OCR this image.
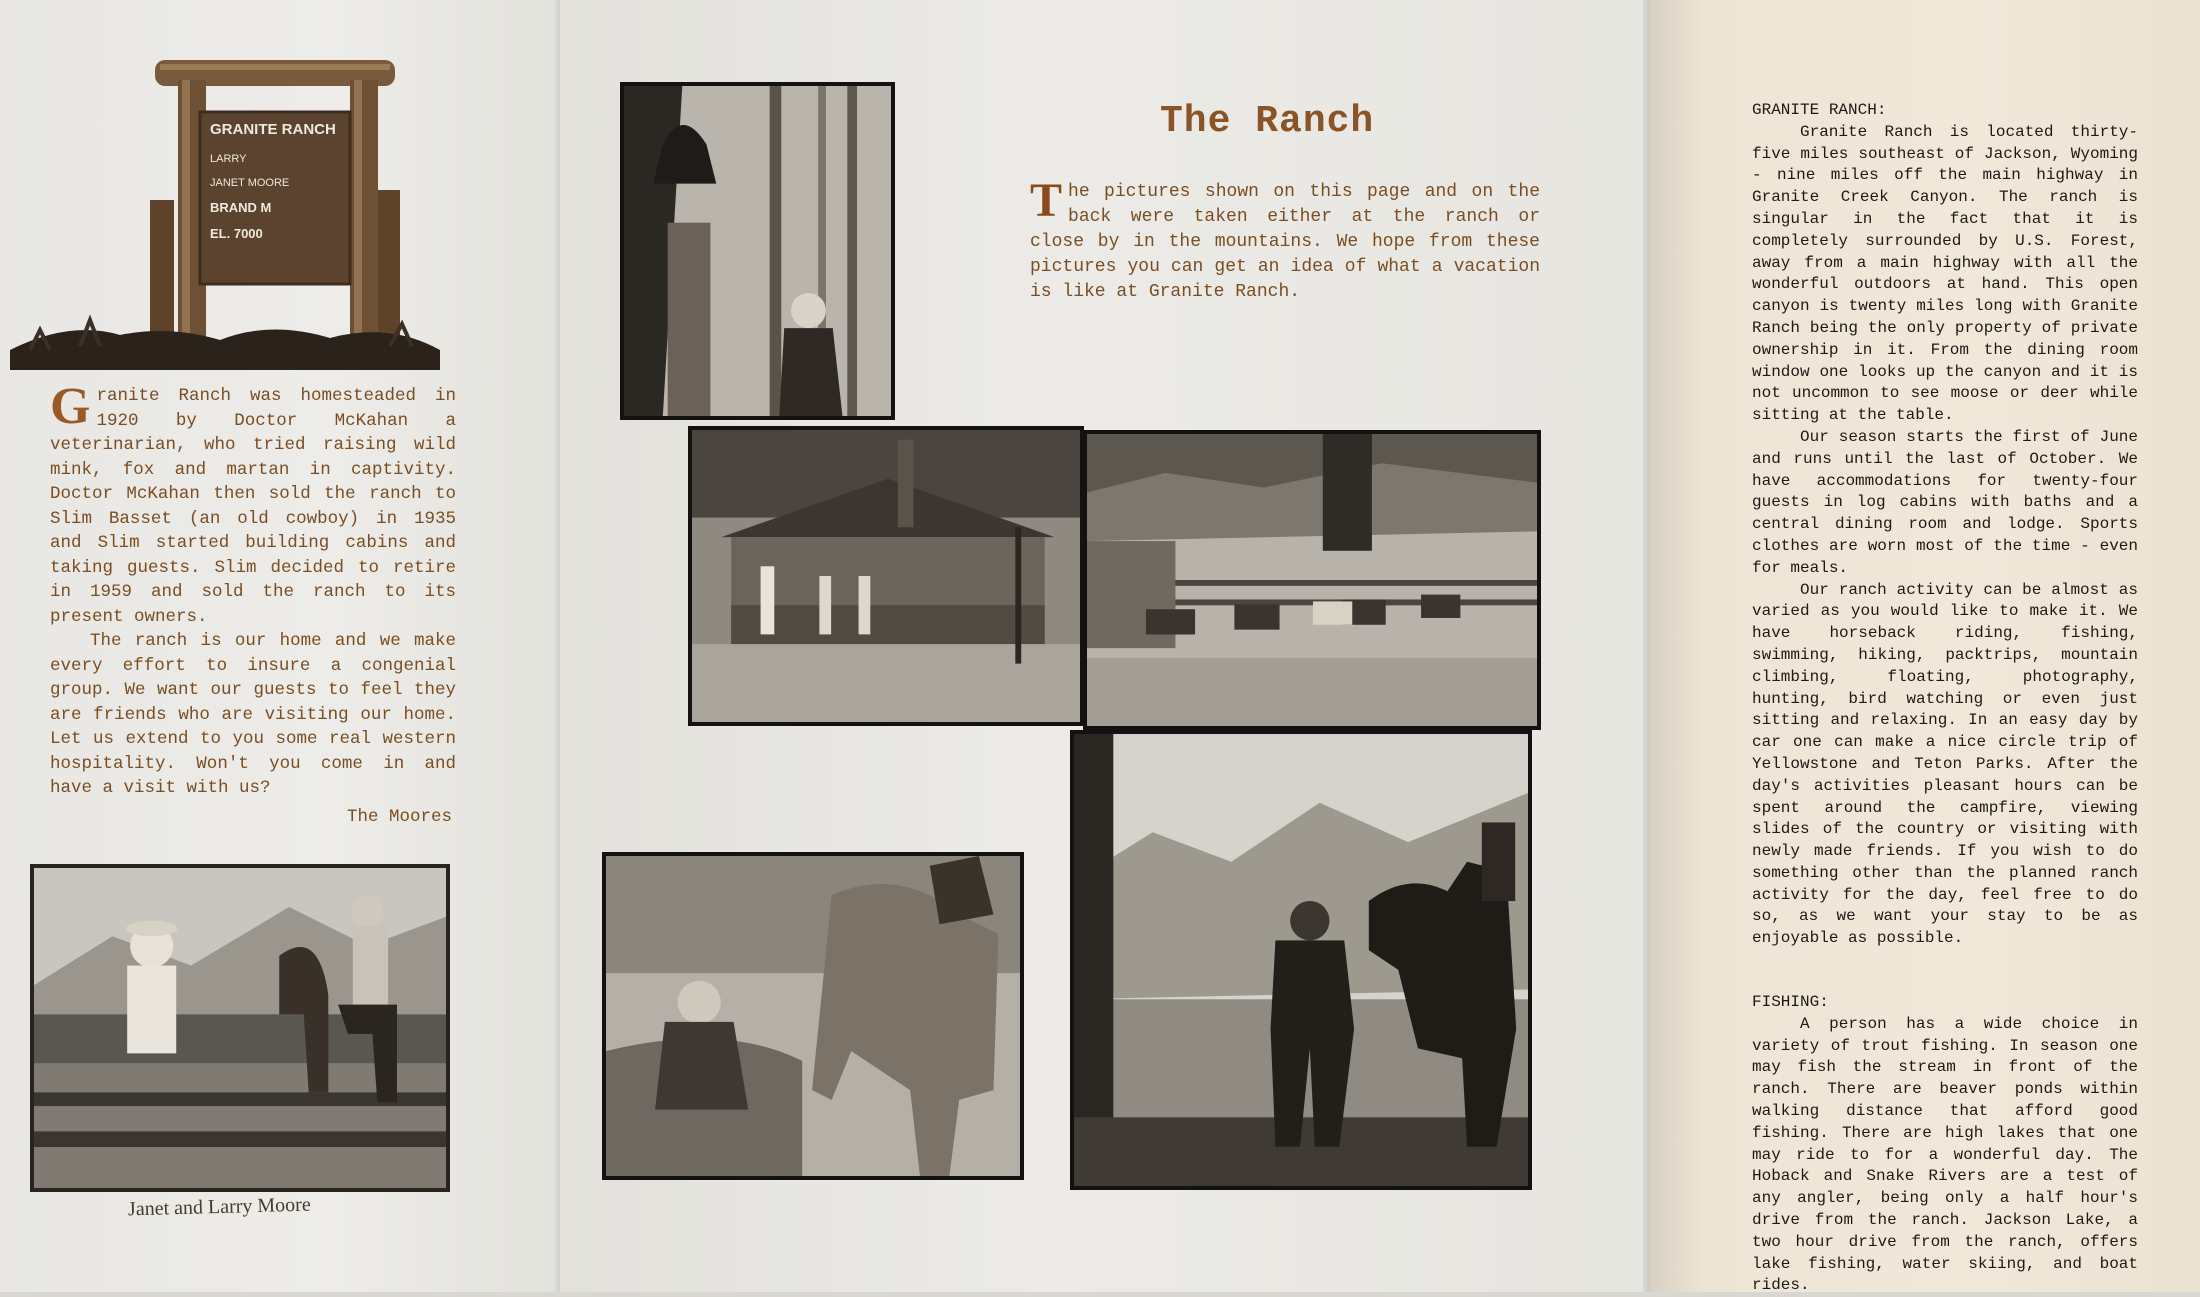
GRANITE RANCH
LARRY
JANET MOORE
BRAND M
EL. 7000

Granite Ranch was homesteaded in 1920 by Doctor McKahan a veterinarian, who tried raising wild mink, fox and martan in captivity. Doctor McKahan then sold the ranch to Slim Basset (an old cowboy) in 1935 and Slim started building cabins and taking guests. Slim decided to retire in 1959 and sold the ranch to its present owners.

The ranch is our home and we make every effort to insure a congenial group. We want our guests to feel they are friends who are visiting our home. Let us extend to you some real western hospitality. Won't you come in and have a visit with us?

The Moores
Janet and Larry Moore
The Ranch
The pictures shown on this page and on the back were taken either at the ranch or close by in the mountains. We hope from these pictures you can get an idea of what a vacation is like at Granite Ranch.
GRANITE RANCH:

Granite Ranch is located thirty-five miles southeast of Jackson, Wyoming - nine miles off the main highway in Granite Creek Canyon. The ranch is singular in the fact that it is completely surrounded by U.S. Forest, away from a main highway with all the wonderful outdoors at hand. This open canyon is twenty miles long with Granite Ranch being the only property of private ownership in it. From the dining room window one looks up the canyon and it is not uncommon to see moose or deer while sitting at the table.

Our season starts the first of June and runs until the last of October. We have accommodations for twenty-four guests in log cabins with baths and a central dining room and lodge. Sports clothes are worn most of the time - even for meals.

Our ranch activity can be almost as varied as you would like to make it. We have horseback riding, fishing, swimming, hiking, packtrips, mountain climbing, floating, photography, hunting, bird watching or even just sitting and relaxing. In an easy day by car one can make a nice circle trip of Yellowstone and Teton Parks. After the day's activities pleasant hours can be spent around the campfire, viewing slides of the country or visiting with newly made friends. If you wish to do something other than the planned ranch activity for the day, feel free to do so, as we want your stay to be as enjoyable as possible.

FISHING:

A person has a wide choice in variety of trout fishing. In season one may fish the stream in front of the ranch. There are beaver ponds within walking distance that afford good fishing. There are high lakes that one may ride to for a wonderful day. The Hoback and Snake Rivers are a test of any angler, being only a half hour's drive from the ranch. Jackson Lake, a two hour drive from the ranch, offers lake fishing, water skiing, and boat rides.
